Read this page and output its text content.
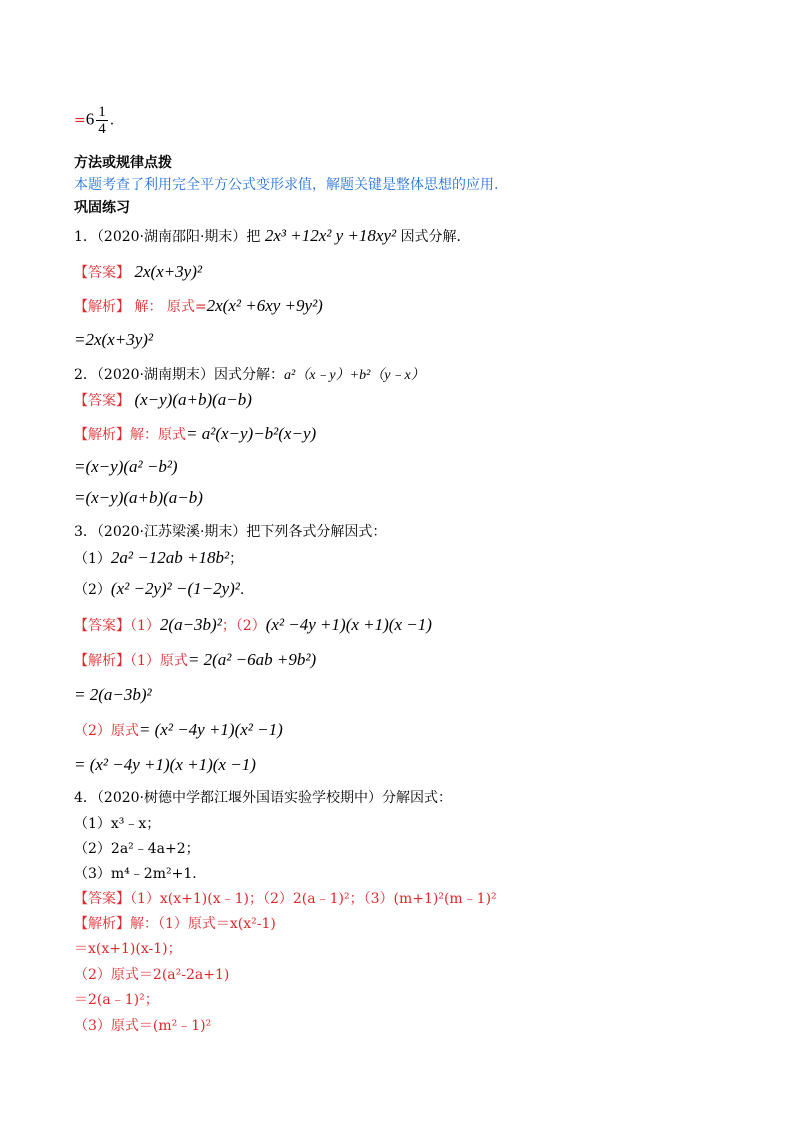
$=6 \frac{1}{4}$ .
方法或规律点拨
本题考查了利用完全平方公式变形求值，解题关键是整体思想的应用.
巩固练习
1．（2020·湖南邵阳·期末）把 2x³ +12x² y +18xy² 因式分解.
【答案】 2x(x+3y)²
【解析】 解： 原式=2x(x² +6xy +9y²)
=2x(x+3y)²
2．（2020·湖南期末）因式分解：a²（x﹣y）+b²（y﹣x）
【答案】 (x−y)(a+b)(a−b)
【解析】解：原式= a²(x−y)−b²(x−y)
=(x−y)(a² −b²)
=(x−y)(a+b)(a−b)
3．（2020·江苏梁溪·期末）把下列各式分解因式：
（1）2a² −12ab +18b²；
（2）(x² −2y)² −(1−2y)².
【答案】（1）2(a−3b)²；（2）(x² −4y +1)(x +1)(x −1)
【解析】（1）原式= 2(a² −6ab +9b²)
= 2(a−3b)²
（2）原式= (x² −4y +1)(x² −1)
= (x² −4y +1)(x +1)(x −1)
4．（2020·树德中学都江堰外国语实验学校期中）分解因式：
（1）x³﹣x；
（2）2a²﹣4a+2；
（3）m⁴﹣2m²+1.
【答案】（1）x(x+1)(x﹣1)；（2）2(a﹣1)²；（3）(m+1)²(m﹣1)²
【解析】解：（1）原式＝x(x²-1)
＝x(x+1)(x-1)；
（2）原式＝2(a²-2a+1)
＝2(a﹣1)²；
（3）原式＝(m²﹣1)²
